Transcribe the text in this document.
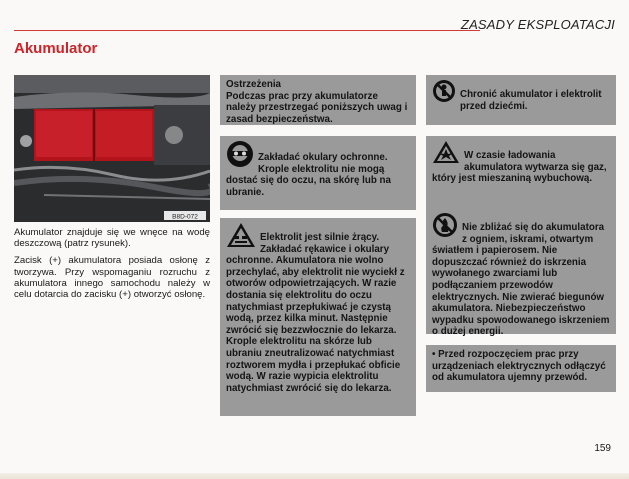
ZASADY EKSPLOATACJI
Akumulator
B8D-072

Akumulator znajduje się we wnęce na wodę deszczową (patrz rysunek).

Zacisk (+) akumulatora posiada osłonę z tworzywa. Przy wspomaganiu rozruchu z akumulatora innego samochodu należy w celu dotarcia do zacisku (+) otworzyć osłonę.

Ostrzeżenia
Podczas prac przy akumulatorze należy przestrzegać poniższych uwag i zasad bezpieczeństwa.
Zakładać okulary ochronne. Krople elektrolitu nie mogą dostać się do oczu, na skórę lub na ubranie.
Elektrolit jest silnie żrący. Zakładać rękawice i okulary ochronne. Akumulatora nie wolno przechylać, aby elektrolit nie wyciekł z otworów odpowietrzających. W razie dostania się elektrolitu do oczu natychmiast przepłukiwać je czystą wodą, przez kilka minut. Następnie zwrócić się bezzwłocznie do lekarza. Krople elektrolitu na skórze lub ubraniu zneutralizować natychmiast roztworem mydła i przepłukać obficie wodą. W razie wypicia elektrolitu natychmiast zwrócić się do lekarza.
Chronić akumulator i elektrolit przed dziećmi.
W czasie ładowania akumulatora wytwarza się gaz, który jest mieszaniną wybuchową.
Nie zbliżać się do akumulatora z ogniem, iskrami, otwartym światłem i papierosem. Nie dopuszczać również do iskrzenia wywołanego zwarciami lub podłączaniem przewodów elektrycznych. Nie zwierać biegunów akumulatora. Niebezpieczeństwo wypadku spowodowanego iskrzeniem o dużej energii.
• Przed rozpoczęciem prac przy urządzeniach elektrycznych odłączyć od akumulatora ujemny przewód.
159
